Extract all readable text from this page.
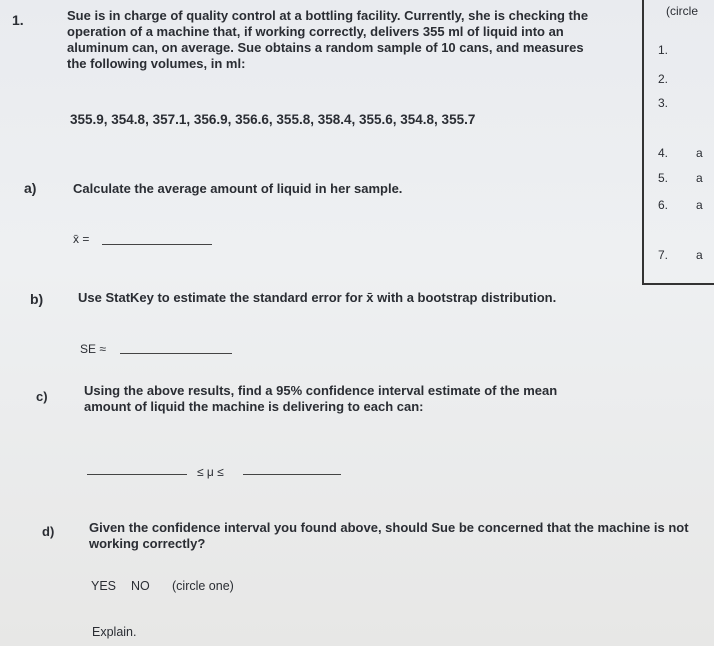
1.	Sue is in charge of quality control at a bottling facility. Currently, she is checking the
operation of a machine that, if working correctly, delivers 355 ml of liquid into an
aluminum can, on average. Sue obtains a random sample of 10 cans, and measures
the following volumes, in ml:
355.9, 354.8, 357.1, 356.9, 356.6, 355.8, 358.4, 355.6, 354.8, 355.7
a)	Calculate the average amount of liquid in her sample.
x̄ =
b)	Use StatKey to estimate the standard error for x̄ with a bootstrap distribution.
SE ≈
c)	Using the above results, find a 95% confidence interval estimate of the mean
amount of liquid the machine is delivering to each can:
≤ μ ≤
d)	Given the confidence interval you found above, should Sue be concerned that the machine is not
working correctly?
YES NO (circle one)
Explain.
(circle
1.
2.
3.
4. a
5. a
6. a
7. a
